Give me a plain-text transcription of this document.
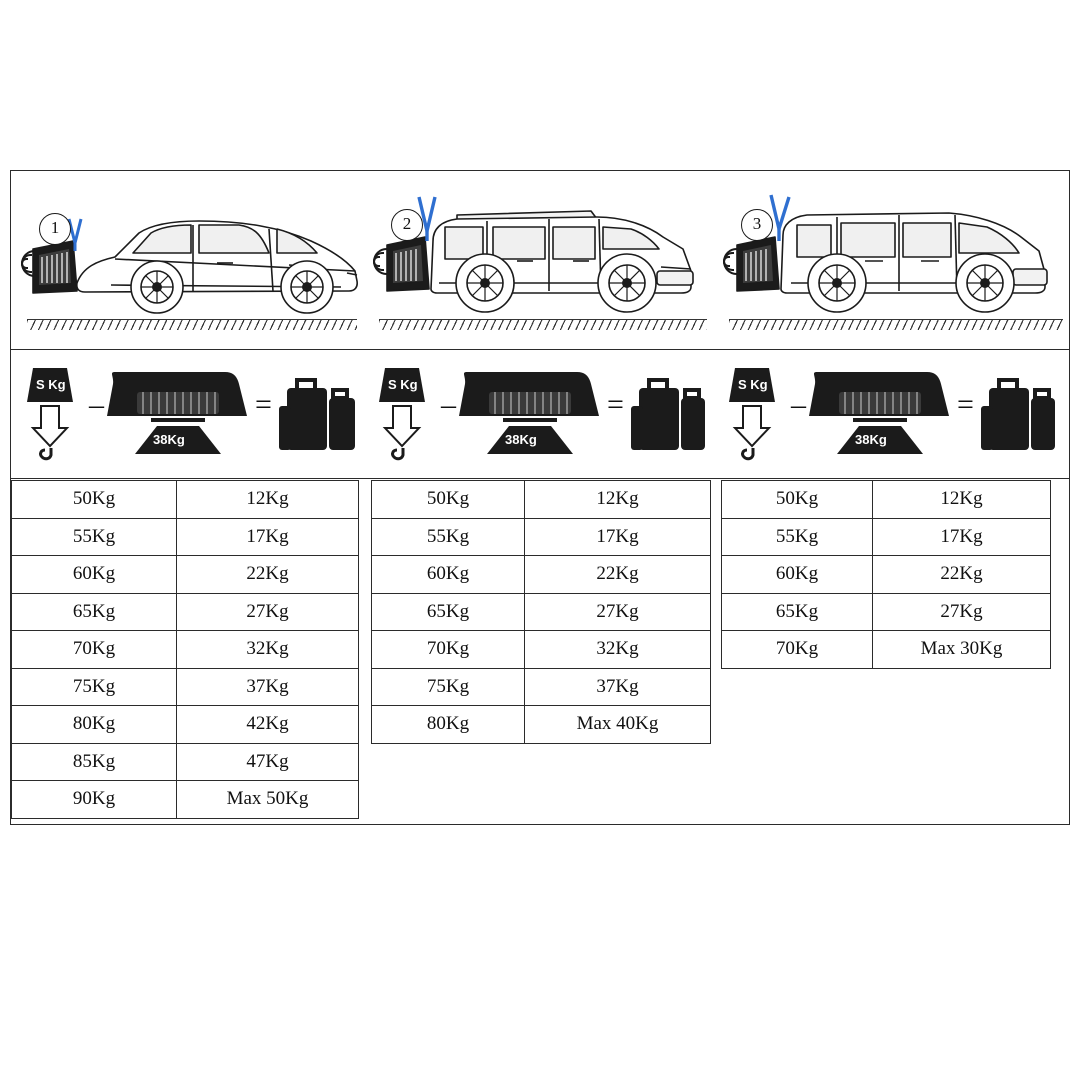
1
–	=
S Kg
38Kg
50Kg	12Kg
55Kg	17Kg
60Kg	22Kg
65Kg	27Kg
70Kg	32Kg
75Kg	37Kg
80Kg	42Kg
85Kg	47Kg
90Kg	Max 50Kg
2
–	=
S Kg
38Kg
50Kg	12Kg
55Kg	17Kg
60Kg	22Kg
65Kg	27Kg
70Kg	32Kg
75Kg	37Kg
80Kg	Max 40Kg
3
–	=
S Kg
38Kg
50Kg	12Kg
55Kg	17Kg
60Kg	22Kg
65Kg	27Kg
70Kg	Max 30Kg
